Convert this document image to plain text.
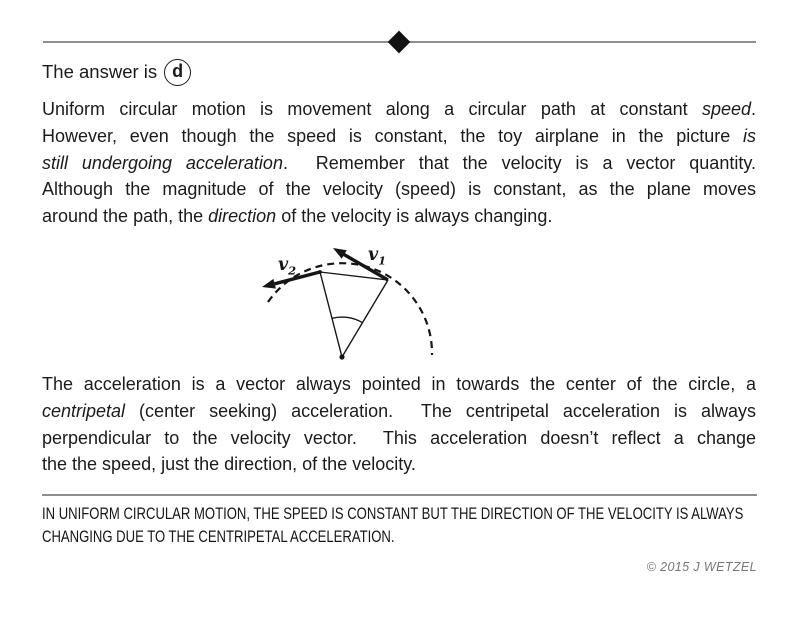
The answer is d
Uniform circular motion is movement along a circular path at constant speed.
However, even though the speed is constant, the toy airplane in the picture is
still undergoing acceleration.  Remember that the velocity is a vector quantity.
Although the magnitude of the velocity (speed) is constant, as the plane moves
around the path, the direction of the velocity is always changing.
$v_1$
$v_2$
The acceleration is a vector always pointed in towards the center of the circle, a
centripetal (center seeking) acceleration.  The centripetal acceleration is always
perpendicular to the velocity vector.  This acceleration doesn’t reflect a change
the the speed, just the direction, of the velocity.
IN UNIFORM CIRCULAR MOTION, THE SPEED IS CONSTANT BUT THE DIRECTION OF THE VELOCITY IS ALWAYS
CHANGING DUE TO THE CENTRIPETAL ACCELERATION.
© 2015 J WETZEL
